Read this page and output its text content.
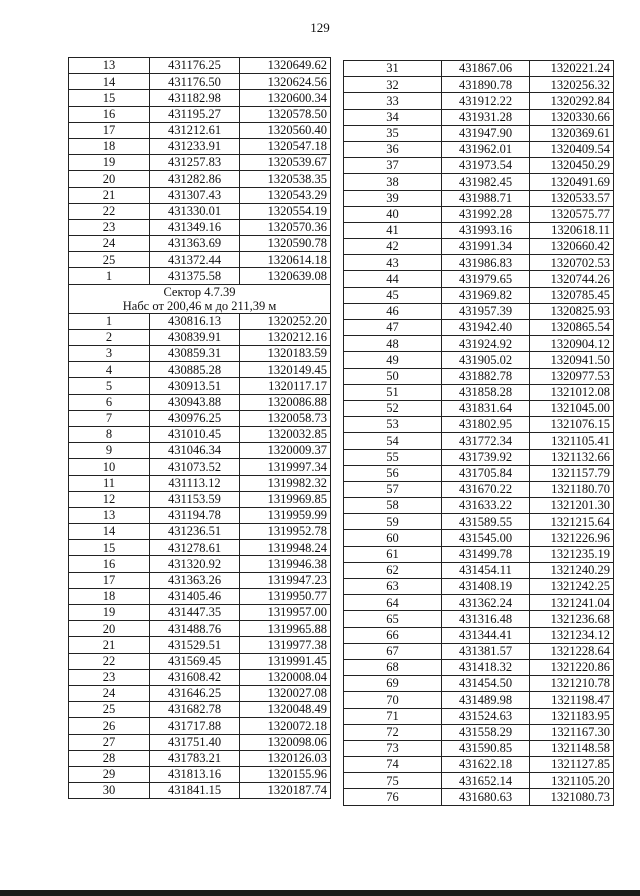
129
13	431176.25	1320649.62
14	431176.50	1320624.56
15	431182.98	1320600.34
16	431195.27	1320578.50
17	431212.61	1320560.40
18	431233.91	1320547.18
19	431257.83	1320539.67
20	431282.86	1320538.35
21	431307.43	1320543.29
22	431330.01	1320554.19
23	431349.16	1320570.36
24	431363.69	1320590.78
25	431372.44	1320614.18
1	431375.58	1320639.08
Сектор 4.7.39
Набс от 200,46 м до 211,39 м		
1	430816.13	1320252.20
2	430839.91	1320212.16
3	430859.31	1320183.59
4	430885.28	1320149.45
5	430913.51	1320117.17
6	430943.88	1320086.88
7	430976.25	1320058.73
8	431010.45	1320032.85
9	431046.34	1320009.37
10	431073.52	1319997.34
11	431113.12	1319982.32
12	431153.59	1319969.85
13	431194.78	1319959.99
14	431236.51	1319952.78
15	431278.61	1319948.24
16	431320.92	1319946.38
17	431363.26	1319947.23
18	431405.46	1319950.77
19	431447.35	1319957.00
20	431488.76	1319965.88
21	431529.51	1319977.38
22	431569.45	1319991.45
23	431608.42	1320008.04
24	431646.25	1320027.08
25	431682.78	1320048.49
26	431717.88	1320072.18
27	431751.40	1320098.06
28	431783.21	1320126.03
29	431813.16	1320155.96
30	431841.15	1320187.74
31	431867.06	1320221.24
32	431890.78	1320256.32
33	431912.22	1320292.84
34	431931.28	1320330.66
35	431947.90	1320369.61
36	431962.01	1320409.54
37	431973.54	1320450.29
38	431982.45	1320491.69
39	431988.71	1320533.57
40	431992.28	1320575.77
41	431993.16	1320618.11
42	431991.34	1320660.42
43	431986.83	1320702.53
44	431979.65	1320744.26
45	431969.82	1320785.45
46	431957.39	1320825.93
47	431942.40	1320865.54
48	431924.92	1320904.12
49	431905.02	1320941.50
50	431882.78	1320977.53
51	431858.28	1321012.08
52	431831.64	1321045.00
53	431802.95	1321076.15
54	431772.34	1321105.41
55	431739.92	1321132.66
56	431705.84	1321157.79
57	431670.22	1321180.70
58	431633.22	1321201.30
59	431589.55	1321215.64
60	431545.00	1321226.96
61	431499.78	1321235.19
62	431454.11	1321240.29
63	431408.19	1321242.25
64	431362.24	1321241.04
65	431316.48	1321236.68
66	431344.41	1321234.12
67	431381.57	1321228.64
68	431418.32	1321220.86
69	431454.50	1321210.78
70	431489.98	1321198.47
71	431524.63	1321183.95
72	431558.29	1321167.30
73	431590.85	1321148.58
74	431622.18	1321127.85
75	431652.14	1321105.20
76	431680.63	1321080.73
